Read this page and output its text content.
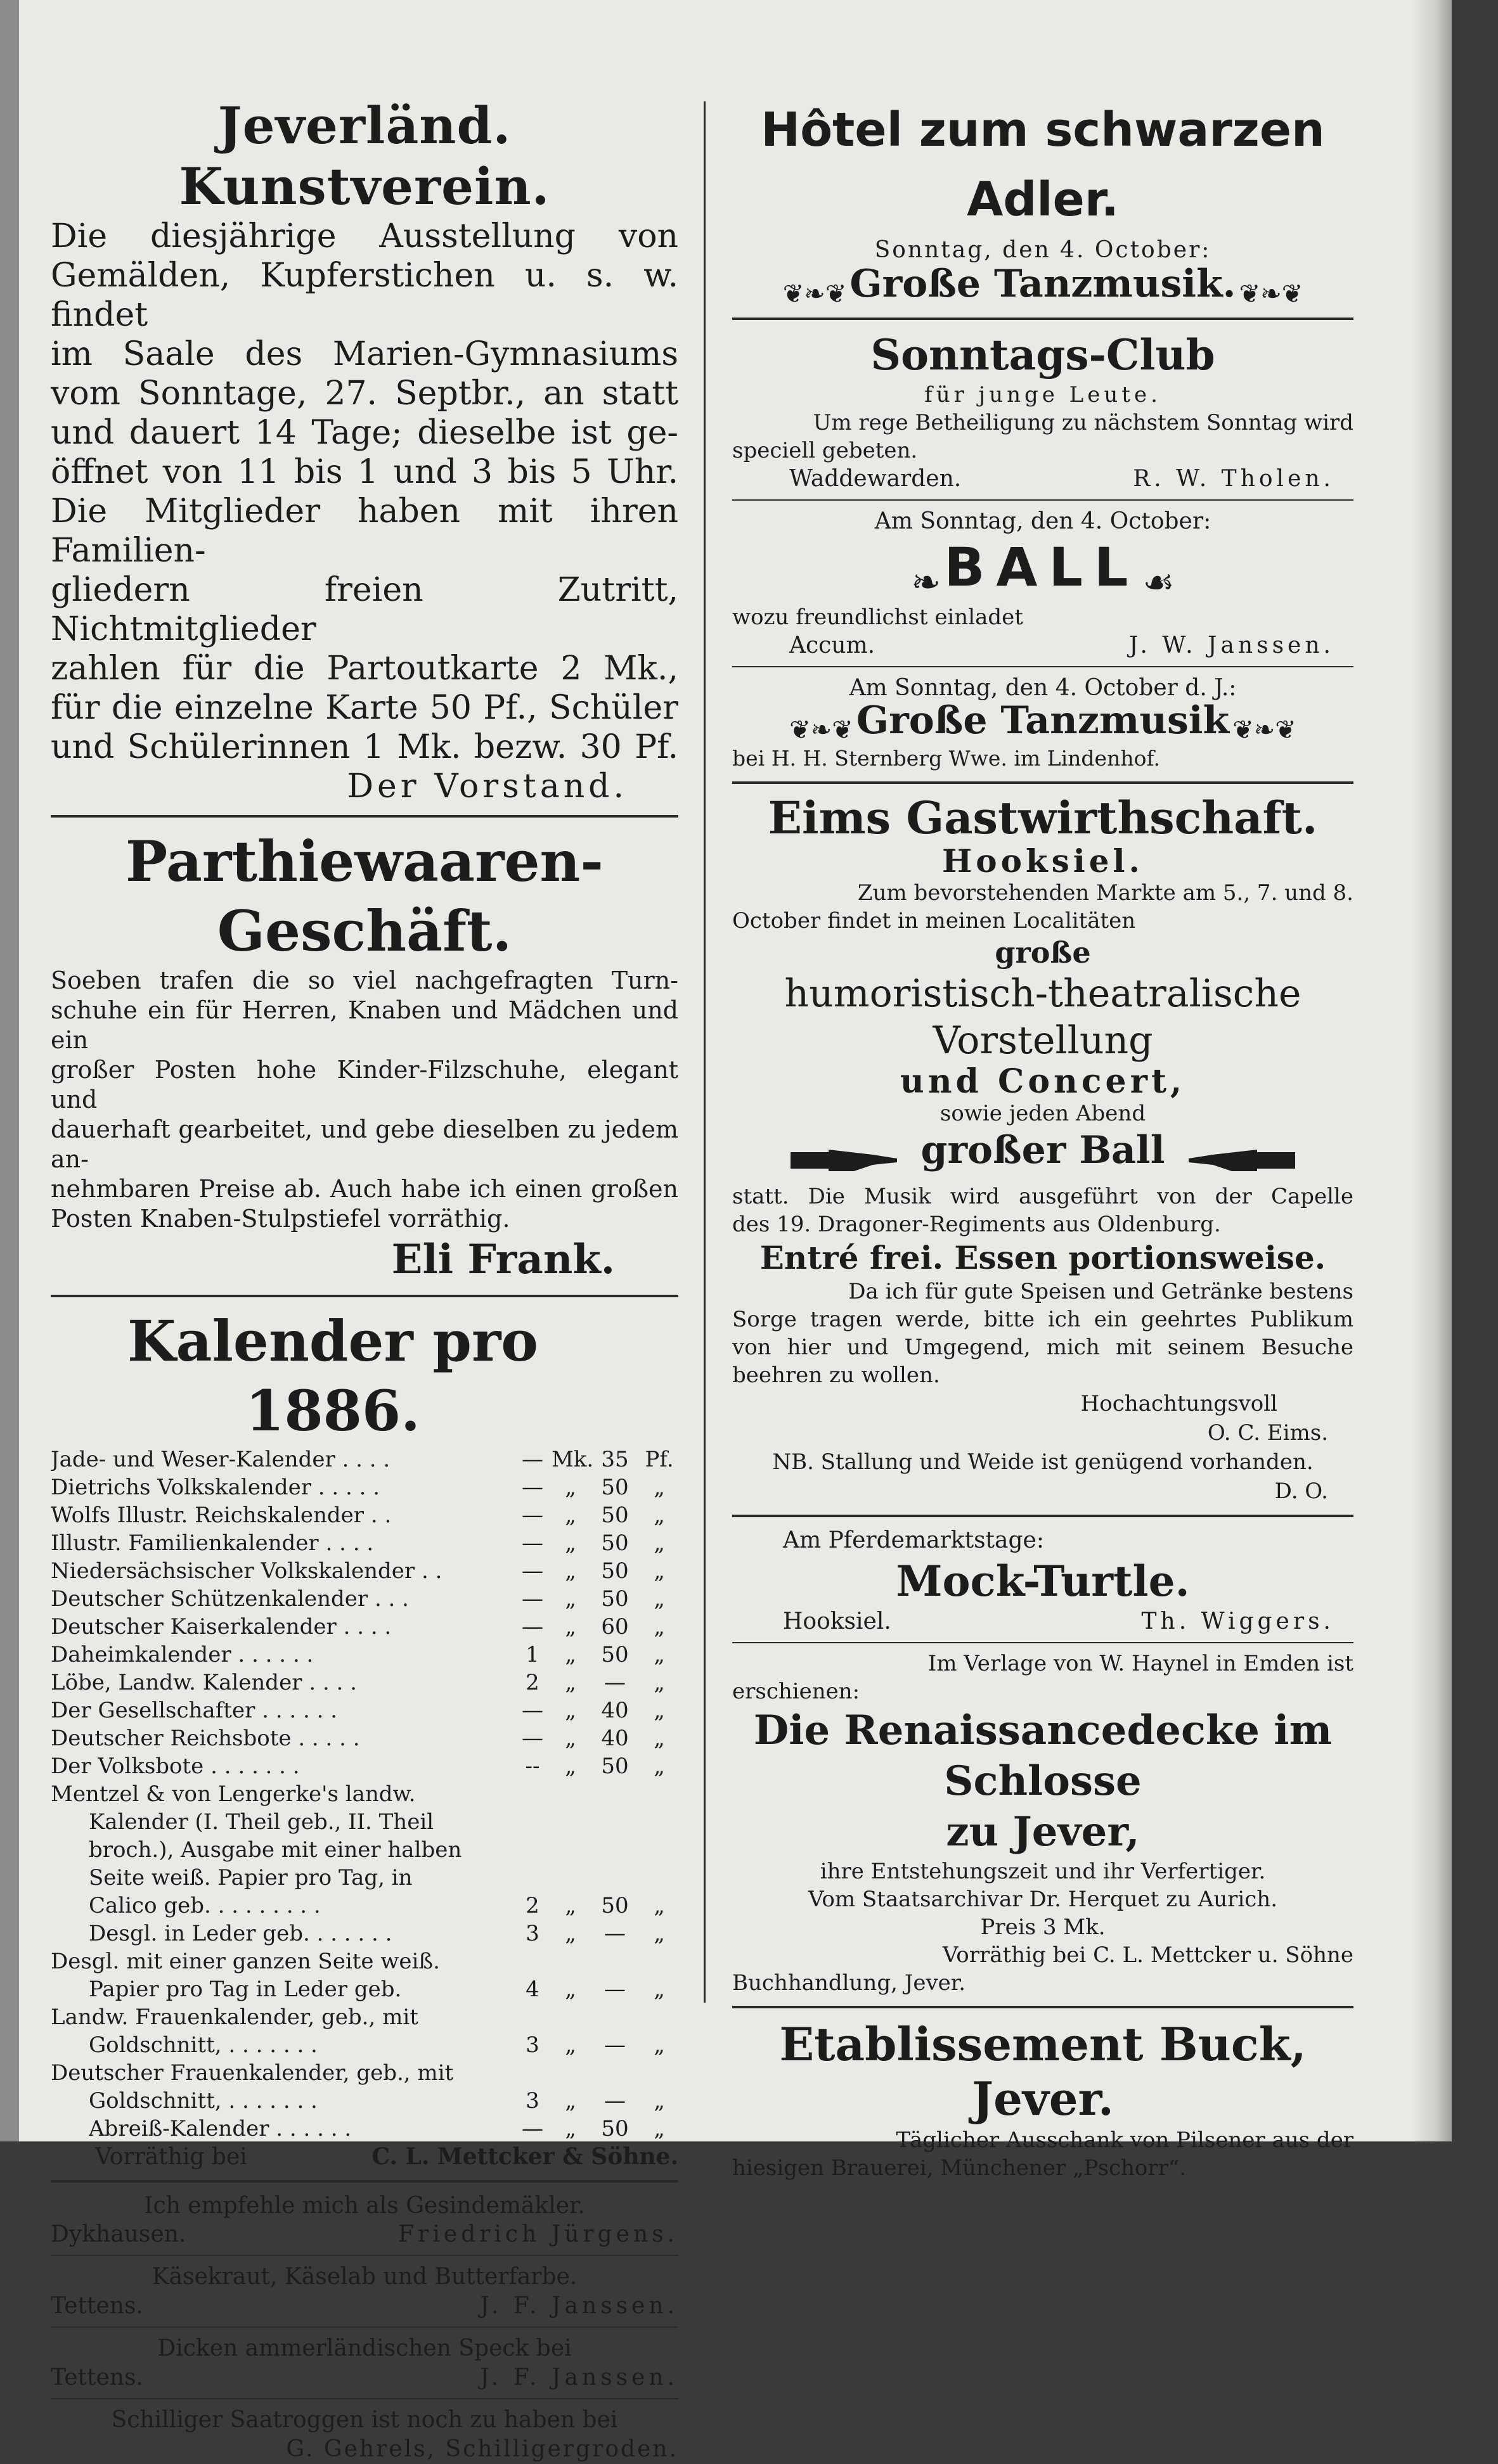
Jeverländ. Kunstverein.
Die diesjährige Ausstellung von
Gemälden, Kupferstichen u. s. w. findet
im Saale des Marien-Gymnasiums
vom Sonntage, 27. Septbr., an statt
und dauert 14 Tage; dieselbe ist ge-
öffnet von 11 bis 1 und 3 bis 5 Uhr.
Die Mitglieder haben mit ihren Familien-
gliedern freien Zutritt, Nichtmitglieder
zahlen für die Partoutkarte 2 Mk.,
für die einzelne Karte 50 Pf., Schüler
und Schülerinnen 1 Mk. bezw. 30 Pf.
Der Vorstand.
Parthiewaaren-Geschäft.
Soeben trafen die so viel nachgefragten Turn-
schuhe ein für Herren, Knaben und Mädchen und ein
großer Posten hohe Kinder-Filzschuhe, elegant und
dauerhaft gearbeitet, und gebe dieselben zu jedem an-
nehmbaren Preise ab. Auch habe ich einen großen
Posten Knaben-Stulpstiefel vorräthig.
Eli Frank.
Kalender pro 1886.
Jade- und Weser-Kalender . . . .	— Mk. 35 Pf.
Dietrichs Volkskalender . . . . .	—	„	50	„
Wolfs Illustr. Reichskalender . .	—	„	50	„
Illustr. Familienkalender . . . .	—	„	50	„
Niedersächsischer Volkskalender . .	—	„	50	„
Deutscher Schützenkalender . . .	—	„	50	„
Deutscher Kaiserkalender . . . .	—	„	60	„
Daheimkalender . . . . . .	1	„	50	„
Löbe, Landw. Kalender . . . .	2	„	—	„
Der Gesellschafter . . . . . .	—	„	40	„
Deutscher Reichsbote . . . . .	—	„	40	„
Der Volksbote . . . . . . .	--	„	50	„
Mentzel & von Lengerke's landw.
Kalender (I. Theil geb., II. Theil
broch.), Ausgabe mit einer halben
Seite weiß. Papier pro Tag, in
Calico geb. . . . . . . . .	2	„	50	„
Desgl. in Leder geb. . . . . . .	3	„	—	„
Desgl. mit einer ganzen Seite weiß.
Papier pro Tag in Leder geb.	4	„	—	„
Landw. Frauenkalender, geb., mit
Goldschnitt, . . . . . . .	3	„	—	„
Deutscher Frauenkalender, geb., mit
Goldschnitt, . . . . . . .	3	„	—	„
Abreiß-Kalender . . . . . .	—	„	50	„
Vorräthig bei	C. L. Mettcker & Söhne.
Ich empfehle mich als Gesindemäkler.
Dykhausen.	Friedrich Jürgens.
Käsekraut, Käselab und Butterfarbe.
Tettens.	J. F. Janssen.
Dicken ammerländischen Speck bei
Tettens.	J. F. Janssen.
Schilliger Saatroggen ist noch zu haben bei
G. Gehrels, Schilligergroden.
Hôtel zum schwarzen Adler.
Sonntag, den 4. October:
❦❧❦ Große Tanzmusik. ❦❧❦
Sonntags-Club
für junge Leute.
Um rege Betheiligung zu nächstem Sonntag wird
speciell gebeten.
Waddewarden.	R. W. Tholen.
Am Sonntag, den 4. October:
❧ BALL ☙
wozu freundlichst einladet
Accum.	J. W. Janssen.
Am Sonntag, den 4. October d. J.:
❦❧❦ Große Tanzmusik ❦❧❦
bei H. H. Sternberg Wwe. im Lindenhof.
Eims Gastwirthschaft.
Hooksiel.
Zum bevorstehenden Markte am 5., 7. und 8.
October findet in meinen Localitäten
große
humoristisch-theatralische
Vorstellung
und Concert,
sowie jeden Abend
großer Ball
statt. Die Musik wird ausgeführt von der Capelle
des 19. Dragoner-Regiments aus Oldenburg.
Entré frei. Essen portionsweise.
Da ich für gute Speisen und Getränke bestens
Sorge tragen werde, bitte ich ein geehrtes Publikum
von hier und Umgegend, mich mit seinem Besuche
beehren zu wollen.
Hochachtungsvoll
O. C. Eims.
NB. Stallung und Weide ist genügend vorhanden.
D. O.
Am Pferdemarktstage:
Mock-Turtle.
Hooksiel.	Th. Wiggers.
Im Verlage von W. Haynel in Emden ist
erschienen:
Die Renaissancedecke im Schlosse
zu Jever,
ihre Entstehungszeit und ihr Verfertiger.
Vom Staatsarchivar Dr. Herquet zu Aurich.
Preis 3 Mk.
Vorräthig bei C. L. Mettcker u. Söhne
Buchhandlung, Jever.
Etablissement Buck, Jever.
Täglicher Ausschank von Pilsener aus der
hiesigen Brauerei, Münchener „Pschorr“.
